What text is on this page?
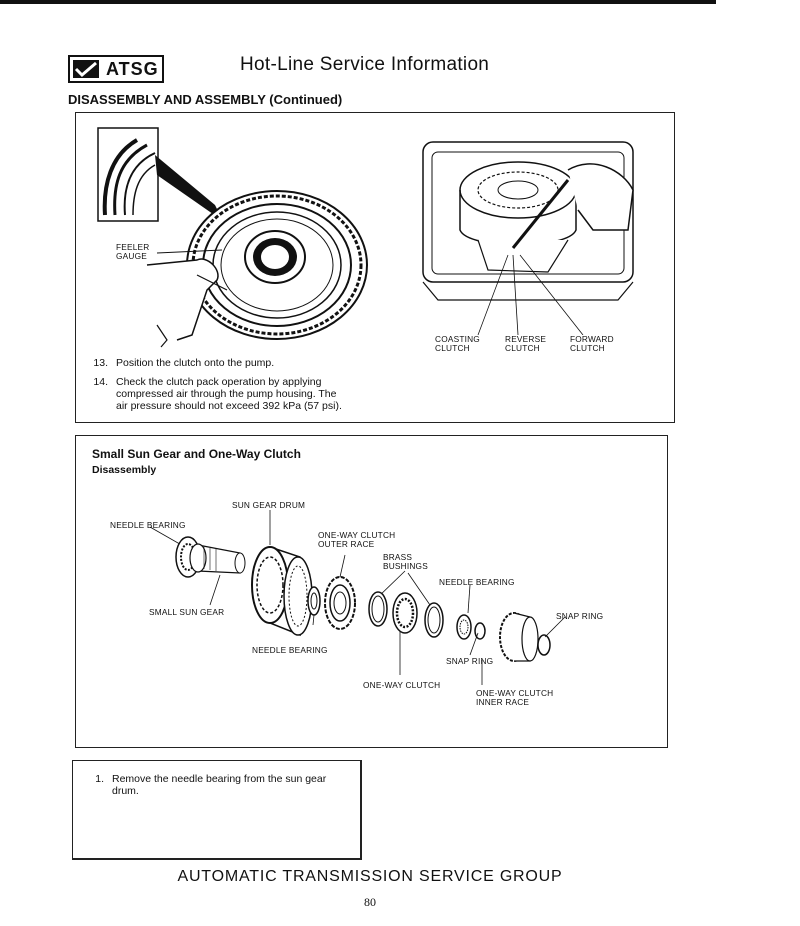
ATSG	Hot-Line Service Information
DISASSEMBLY AND ASSEMBLY (Continued)
FEELER
GAUGE
COASTING
CLUTCH
REVERSE
CLUTCH
FORWARD
CLUTCH
13. Position the clutch onto the pump.
14. Check the clutch pack operation by applying
compressed air through the pump housing. The
air pressure should not exceed 392 kPa (57 psi).
Small Sun Gear and One-Way Clutch
Disassembly
SUN GEAR DRUM
NEEDLE BEARING
ONE-WAY CLUTCH
OUTER RACE
BRASS
BUSHINGS
NEEDLE BEARING
SNAP RING
SMALL SUN GEAR
NEEDLE BEARING
SNAP RING
ONE-WAY CLUTCH
ONE-WAY CLUTCH
INNER RACE
1. Remove the needle bearing from the sun gear
drum.
AUTOMATIC TRANSMISSION SERVICE GROUP
80
